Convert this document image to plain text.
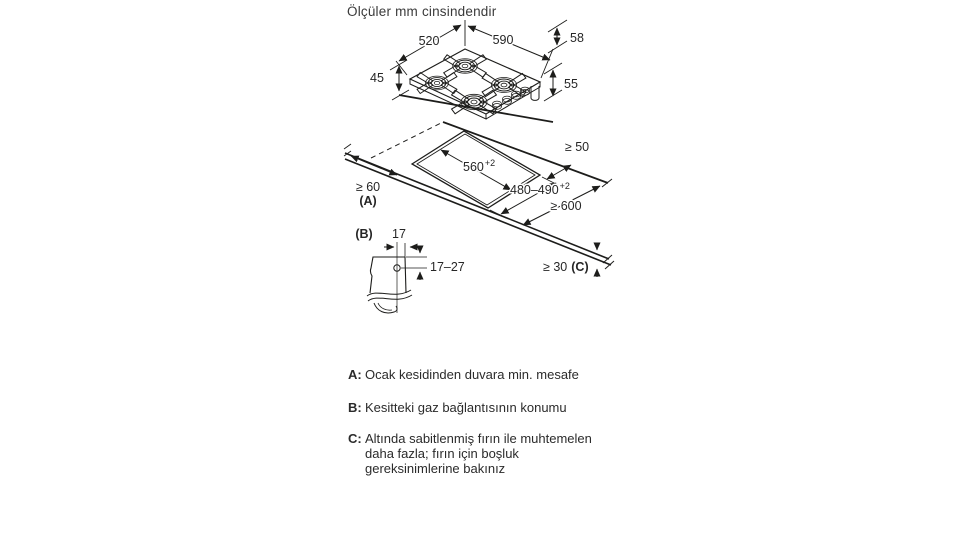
Ölçüler mm cinsindendir
520	590	58
45	55
≥ 50
$560^{+2}$
$480-490^{+2}$
≥ 60
(A)	≥ 600
≥ 30 (C)
(B) 17
17–27
A: Ocak kesidinden duvara min. mesafe
B: Kesitteki gaz bağlantısının konumu
C: Altında sabitlenmiş fırın ile muhtemelen
daha fazla; fırın için boşluk
gereksinimlerine bakınız
